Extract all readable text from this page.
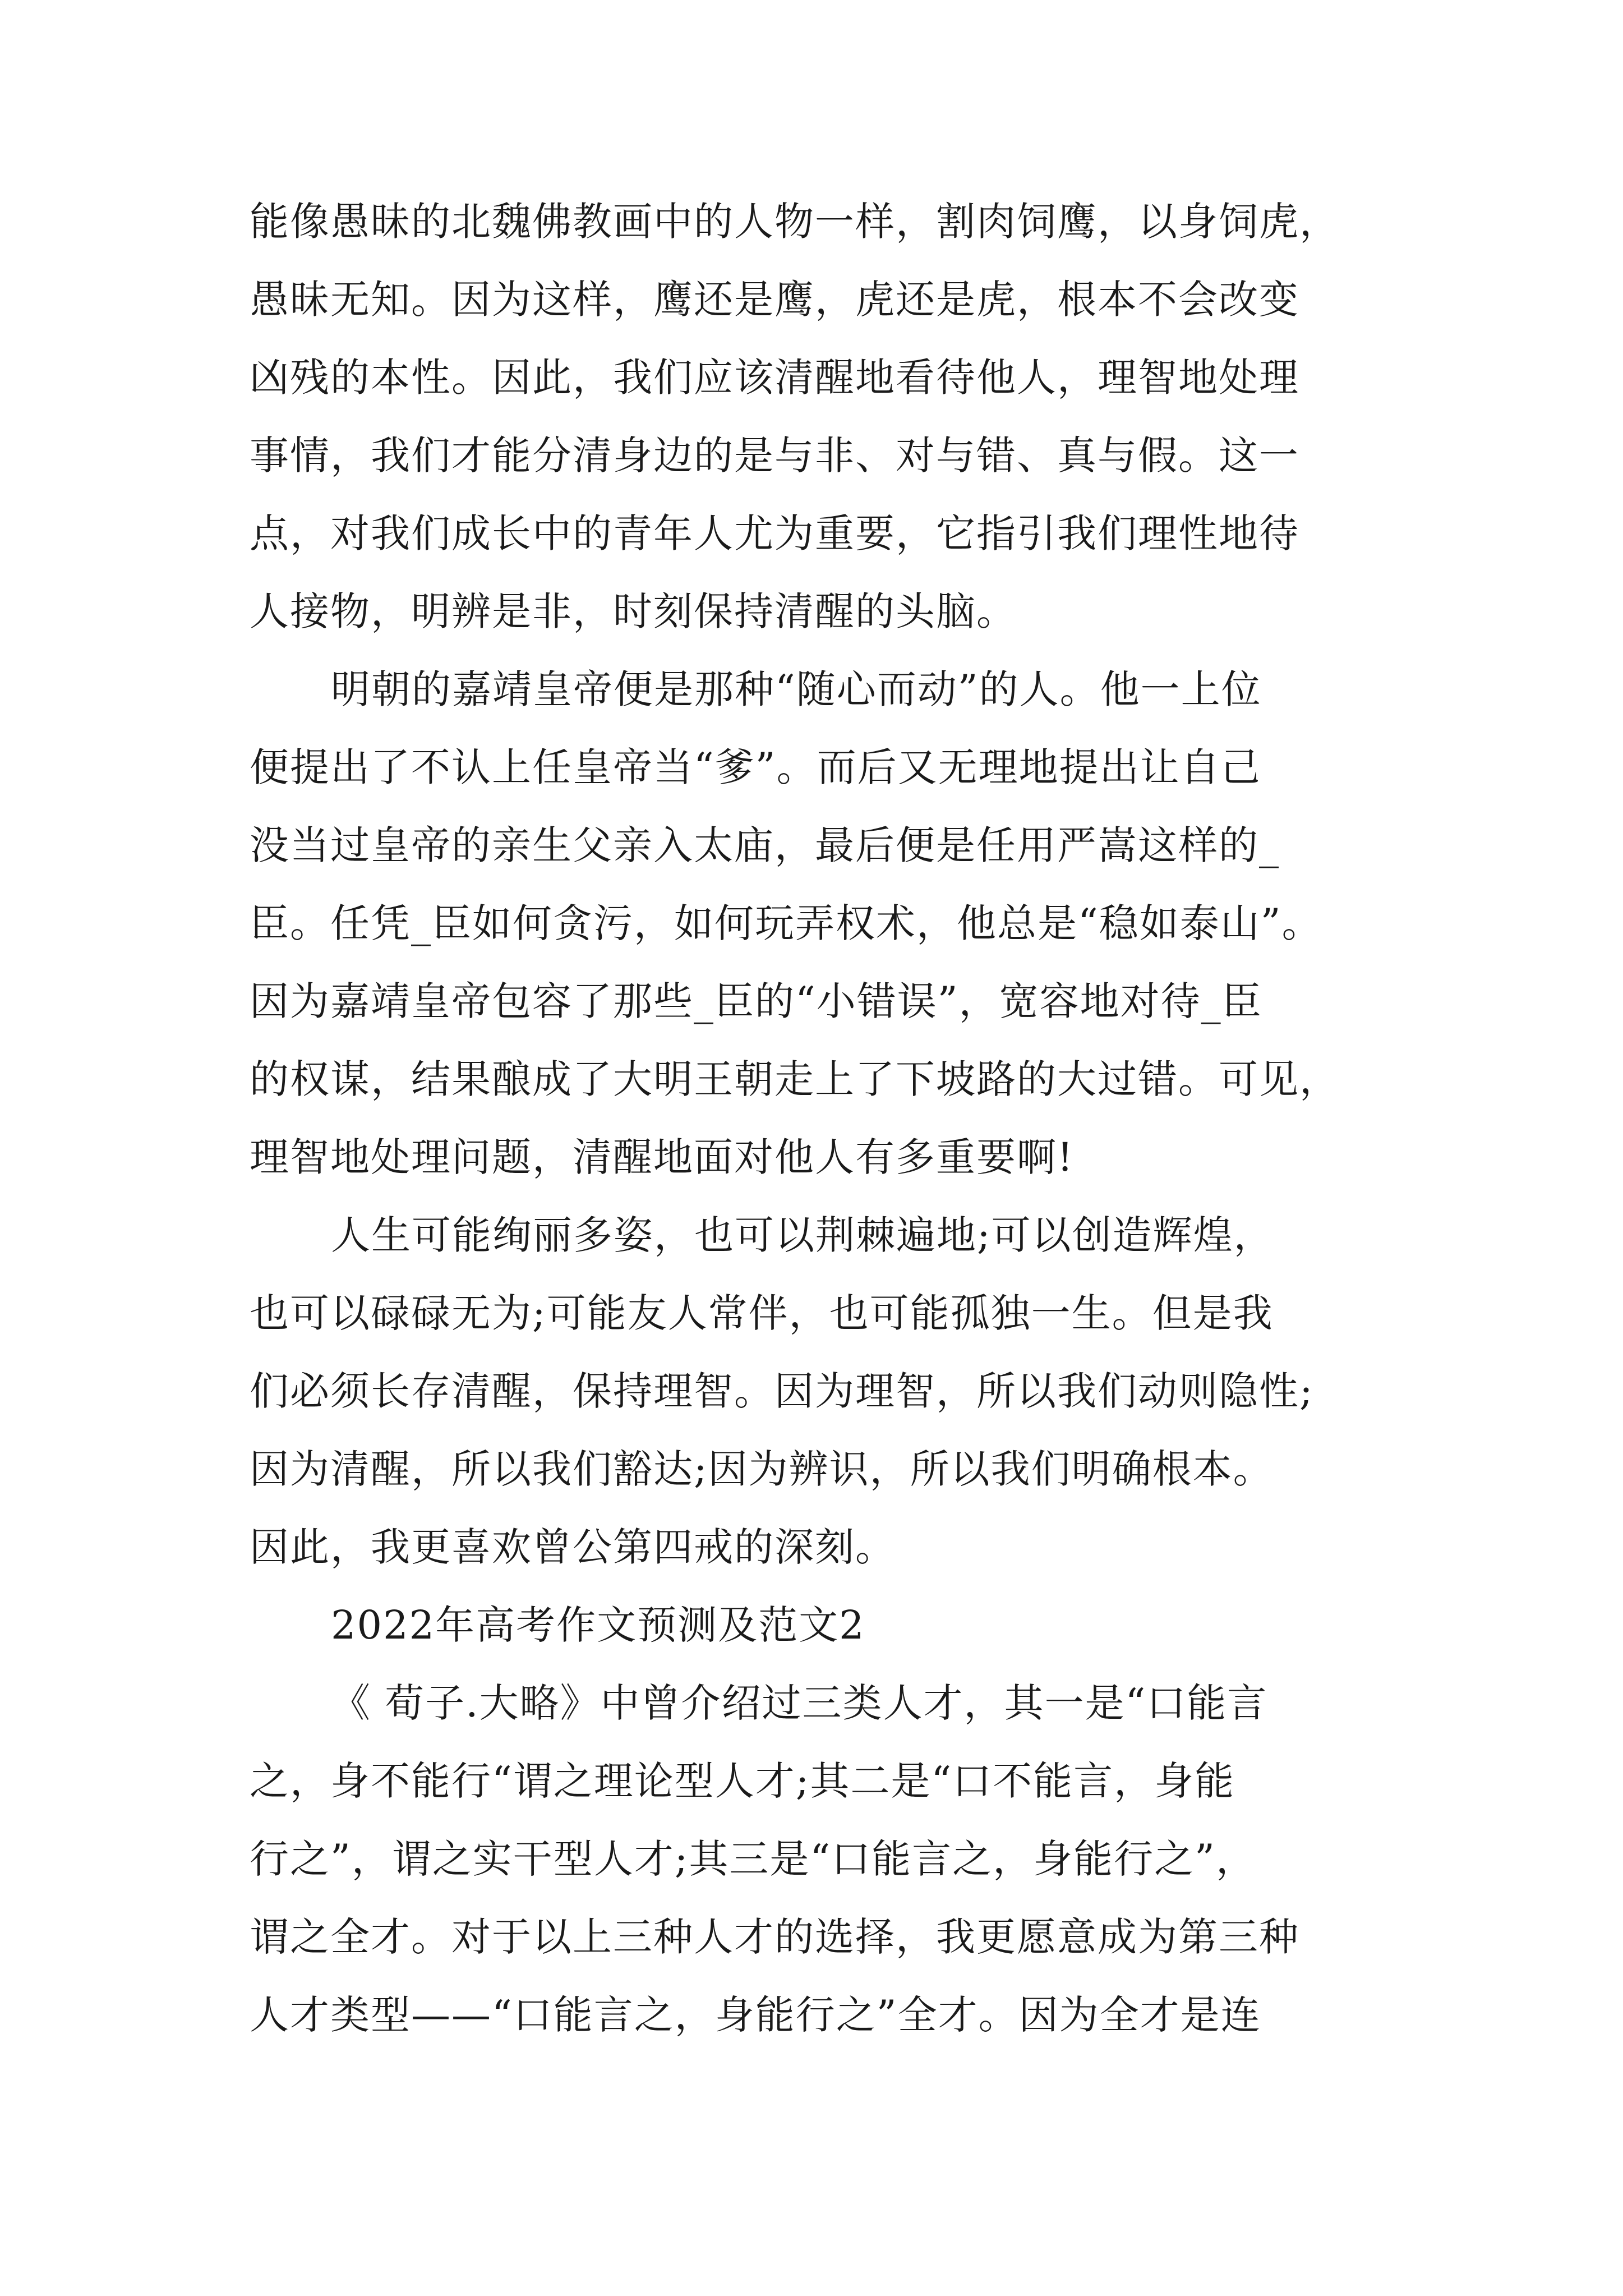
能像愚昧的北魏佛教画中的人物一样，割肉饲鹰，以身饲虎，
愚昧无知。因为这样，鹰还是鹰，虎还是虎，根本不会改变
凶残的本性。因此，我们应该清醒地看待他人，理智地处理
事情，我们才能分清身边的是与非、对与错、真与假。这一
点，对我们成长中的青年人尤为重要，它指引我们理性地待
人接物，明辨是非，时刻保持清醒的头脑。
明朝的嘉靖皇帝便是那种“随心而动”的人。他一上位
便提出了不认上任皇帝当“爹”。而后又无理地提出让自己
没当过皇帝的亲生父亲入太庙，最后便是任用严嵩这样的_
臣。任凭_臣如何贪污，如何玩弄权术，他总是“稳如泰山”。
因为嘉靖皇帝包容了那些_臣的“小错误”，宽容地对待_臣
的权谋，结果酿成了大明王朝走上了下坡路的大过错。可见，
理智地处理问题，清醒地面对他人有多重要啊!
人生可能绚丽多姿，也可以荆棘遍地;可以创造辉煌，
也可以碌碌无为;可能友人常伴，也可能孤独一生。但是我
们必须长存清醒，保持理智。因为理智，所以我们动则隐性;
因为清醒，所以我们豁达;因为辨识，所以我们明确根本。
因此，我更喜欢曾公第四戒的深刻。
2022年高考作文预测及范文2
《 荀子.大略》中曾介绍过三类人才，其一是“口能言
之，身不能行“谓之理论型人才;其二是“口不能言，身能
行之”，谓之实干型人才;其三是“口能言之，身能行之”，
谓之全才。对于以上三种人才的选择，我更愿意成为第三种
人才类型——“口能言之，身能行之”全才。因为全才是连
